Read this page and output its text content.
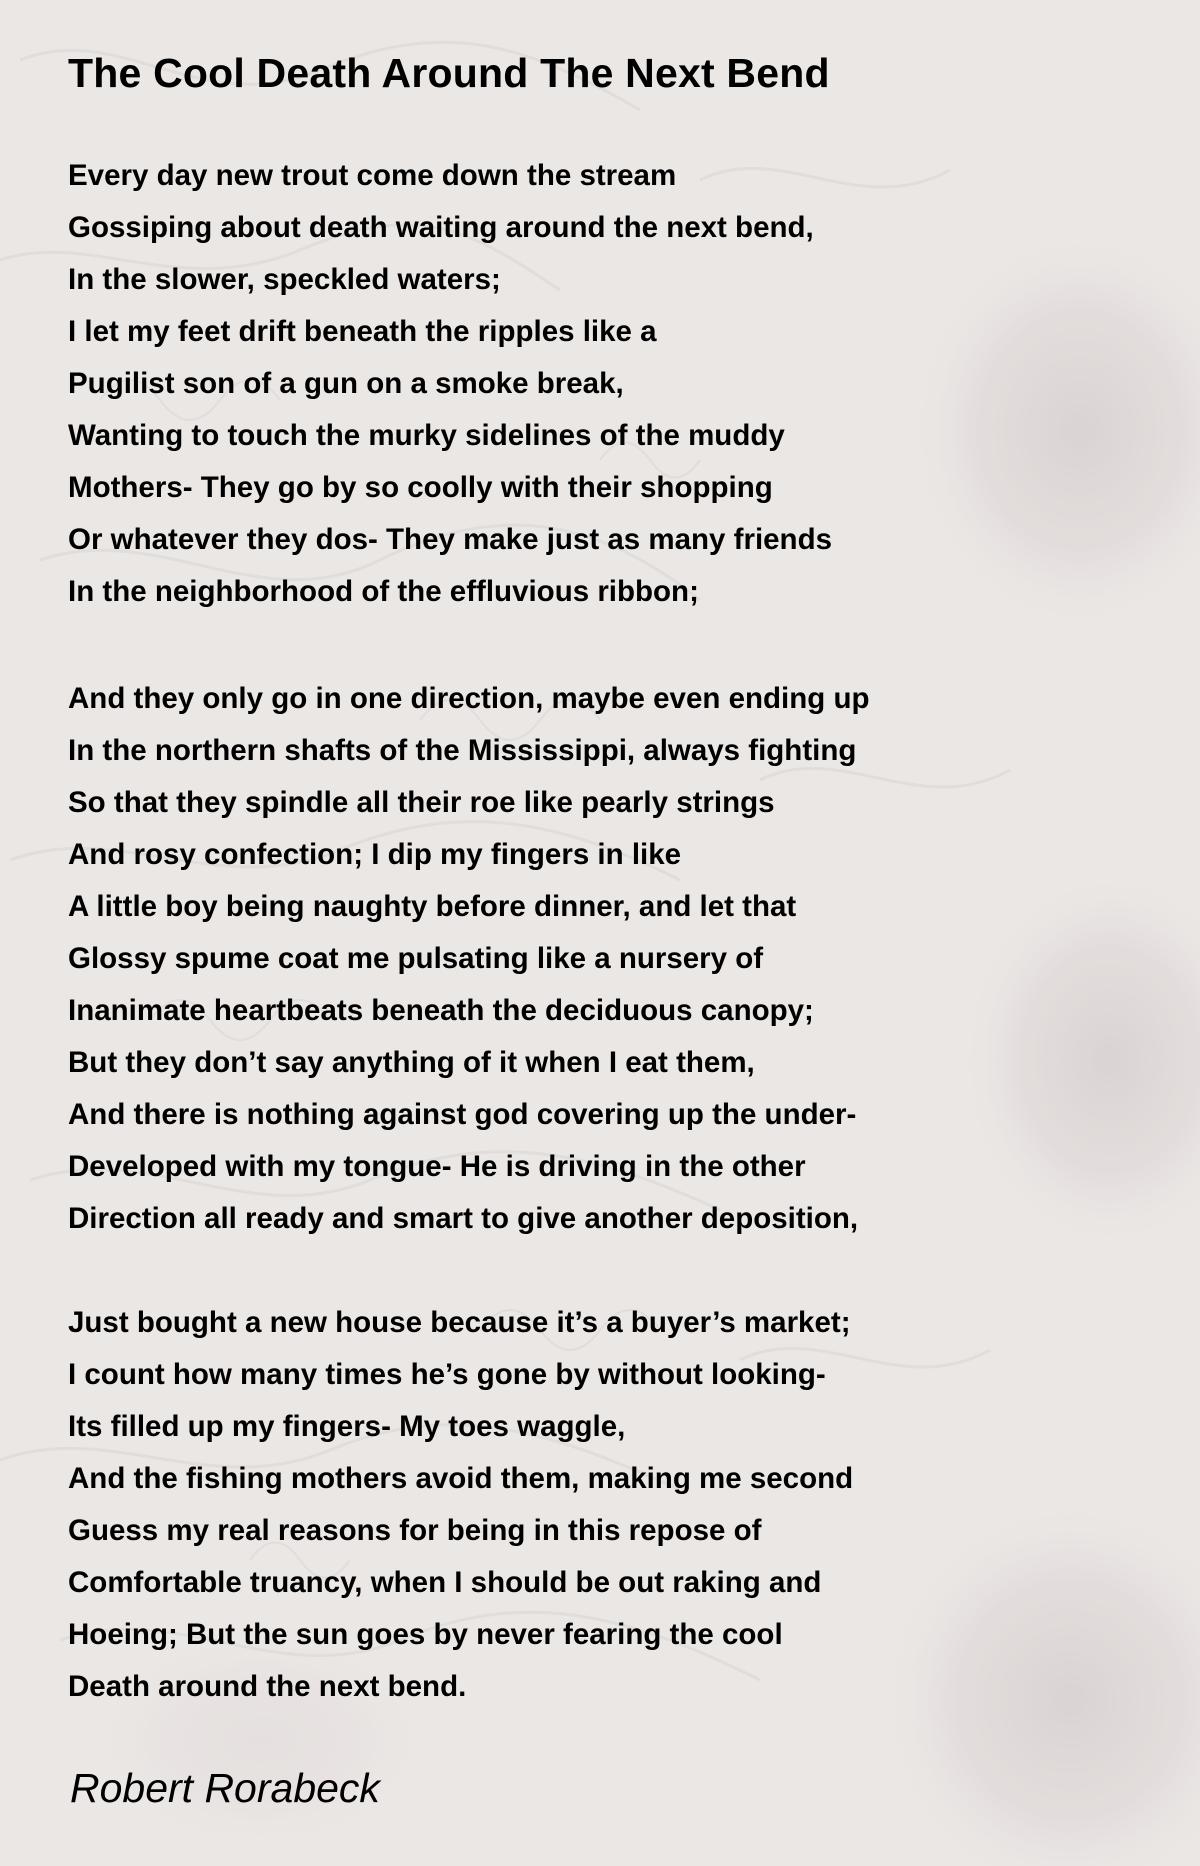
The Cool Death Around The Next Bend
Every day new trout come down the stream
Gossiping about death waiting around the next bend,
In the slower, speckled waters;
I let my feet drift beneath the ripples like a
Pugilist son of a gun on a smoke break,
Wanting to touch the murky sidelines of the muddy
Mothers- They go by so coolly with their shopping
Or whatever they dos- They make just as many friends
In the neighborhood of the effluvious ribbon;
And they only go in one direction, maybe even ending up
In the northern shafts of the Mississippi, always fighting
So that they spindle all their roe like pearly strings
And rosy confection; I dip my fingers in like
A little boy being naughty before dinner, and let that
Glossy spume coat me pulsating like a nursery of
Inanimate heartbeats beneath the deciduous canopy;
But they don’t say anything of it when I eat them,
And there is nothing against god covering up the under-
Developed with my tongue- He is driving in the other
Direction all ready and smart to give another deposition,
Just bought a new house because it’s a buyer’s market;
I count how many times he’s gone by without looking-
Its filled up my fingers- My toes waggle,
And the fishing mothers avoid them, making me second
Guess my real reasons for being in this repose of
Comfortable truancy, when I should be out raking and
Hoeing; But the sun goes by never fearing the cool
Death around the next bend.
Robert Rorabeck
